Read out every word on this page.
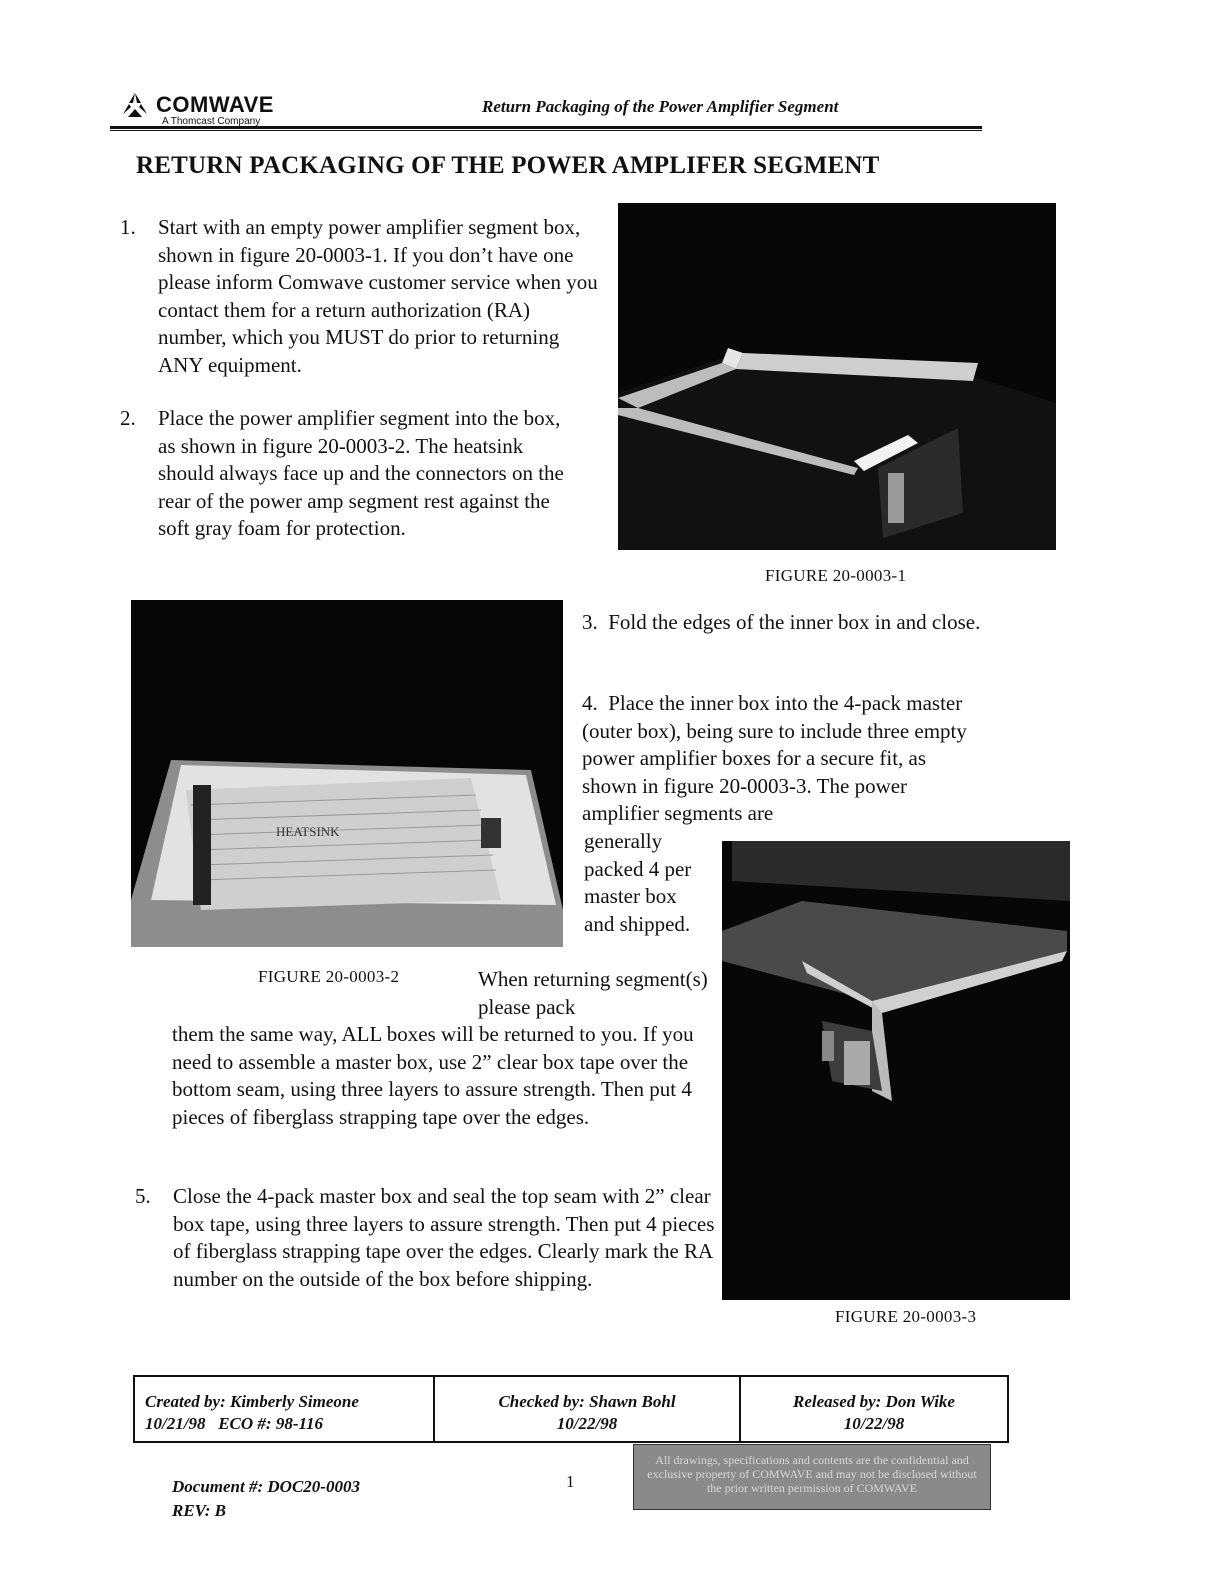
COMWAVE
A Thomcast Company
Return Packaging of the Power Amplifier Segment
RETURN PACKAGING OF THE POWER AMPLIFER SEGMENT
1. Start with an empty power amplifier segment box, shown in figure 20-0003-1. If you don’t have one please inform Comwave customer service when you contact them for a return authorization (RA) number, which you MUST do prior to returning ANY equipment.
2. Place the power amplifier segment into the box, as shown in figure 20-0003-2. The heatsink should always face up and the connectors on the rear of the power amp segment rest against the soft gray foam for protection.
FIGURE 20-0003-1
HEATSINK
FIGURE 20-0003-2
3. Fold the edges of the inner box in and close.
4. Place the inner box into the 4-pack master (outer box), being sure to include three empty power amplifier boxes for a secure fit, as shown in figure 20-0003-3. The power amplifier segments are
generally packed 4 per master box and shipped.
When returning segment(s) please pack
them the same way, ALL boxes will be returned to you. If you need to assemble a master box, use 2” clear box tape over the bottom seam, using three layers to assure strength. Then put 4 pieces of fiberglass strapping tape over the edges.
FIGURE 20-0003-3
5. Close the 4-pack master box and seal the top seam with 2” clear box tape, using three layers to assure strength. Then put 4 pieces of fiberglass strapping tape over the edges. Clearly mark the RA number on the outside of the box before shipping.
Created by: Kimberly Simeone
10/21/98 ECO #: 98-116
Checked by: Shawn Bohl
10/22/98
Released by: Don Wike
10/22/98
Document #: DOC20-0003
REV: B
1
All drawings, specifications and contents are the confidential and exclusive property of COMWAVE and may not be disclosed without the prior written permission of COMWAVE
